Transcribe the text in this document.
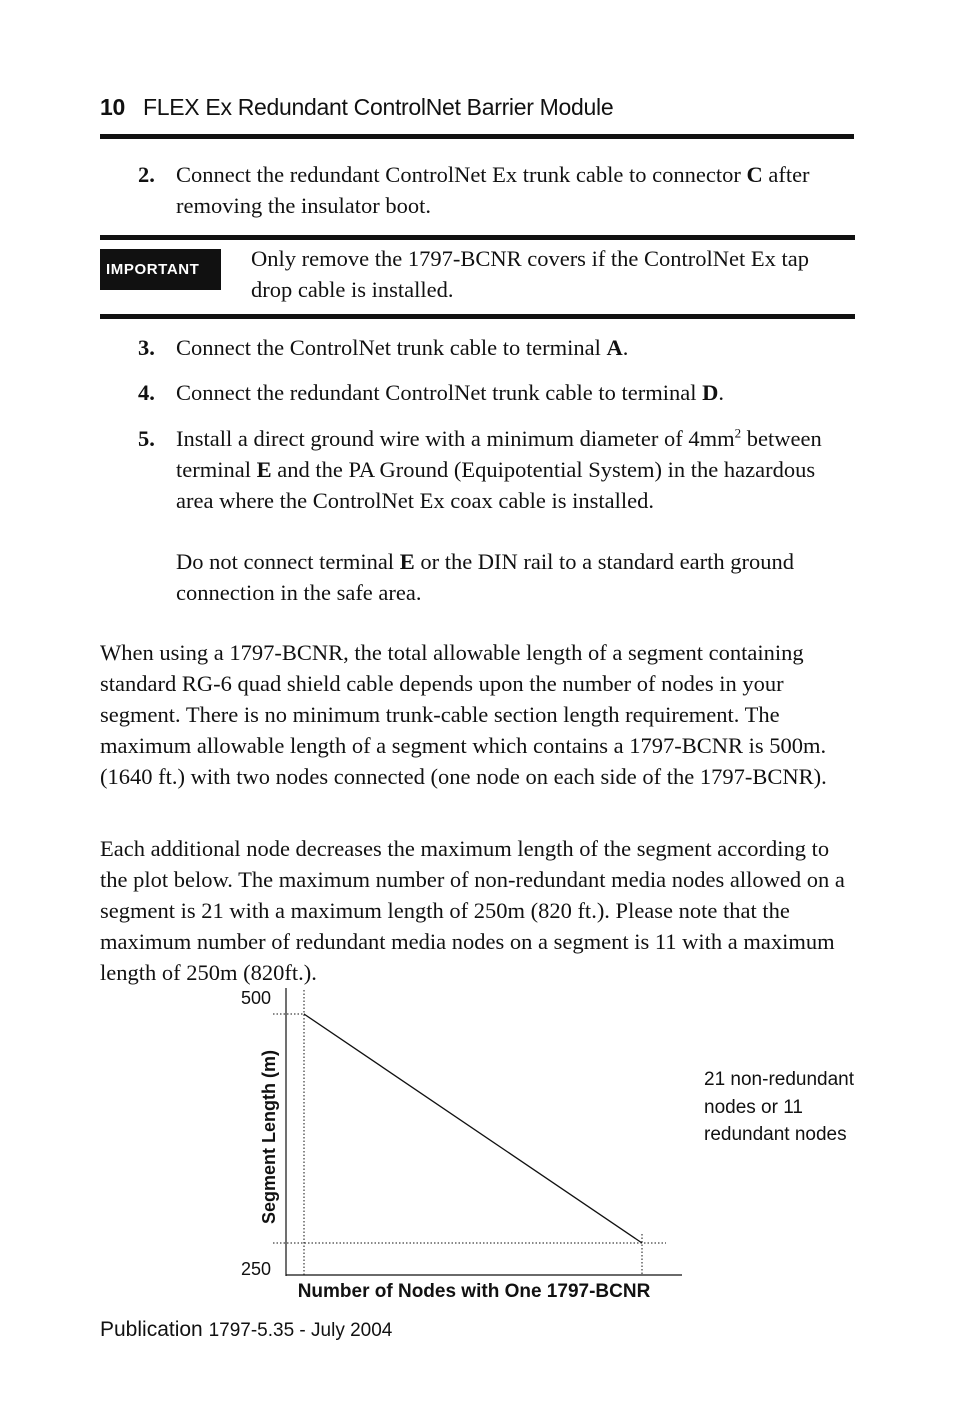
10 FLEX Ex Redundant ControlNet Barrier Module
2. Connect the redundant ControlNet Ex trunk cable to connector C after removing the insulator boot.
IMPORTANT	Only remove the 1797-BCNR covers if the ControlNet Ex tap drop cable is installed.
3. Connect the ControlNet trunk cable to terminal A.
4. Connect the redundant ControlNet trunk cable to terminal D.
5. Install a direct ground wire with a minimum diameter of $4mm^2$ between terminal E and the PA Ground (Equipotential System) in the hazardous area where the ControlNet Ex coax cable is installed.
Do not connect terminal E or the DIN rail to a standard earth ground connection in the safe area.
When using a 1797-BCNR, the total allowable length of a segment containing standard RG-6 quad shield cable depends upon the number of nodes in your segment. There is no minimum trunk-cable section length requirement. The maximum allowable length of a segment which contains a 1797-BCNR is 500m. (1640 ft.) with two nodes connected (one node on each side of the 1797-BCNR).
Each additional node decreases the maximum length of the segment according to the plot below. The maximum number of non-redundant media nodes allowed on a segment is 21 with a maximum length of 250m (820 ft.). Please note that the maximum number of redundant media nodes on a segment is 11 with a maximum length of 250m (820ft.).
500
250
Segment Length (m)
Number of Nodes with One 1797-BCNR
21 non-redundant
nodes or 11
redundant nodes
Publication 1797-5.35 - July 2004
